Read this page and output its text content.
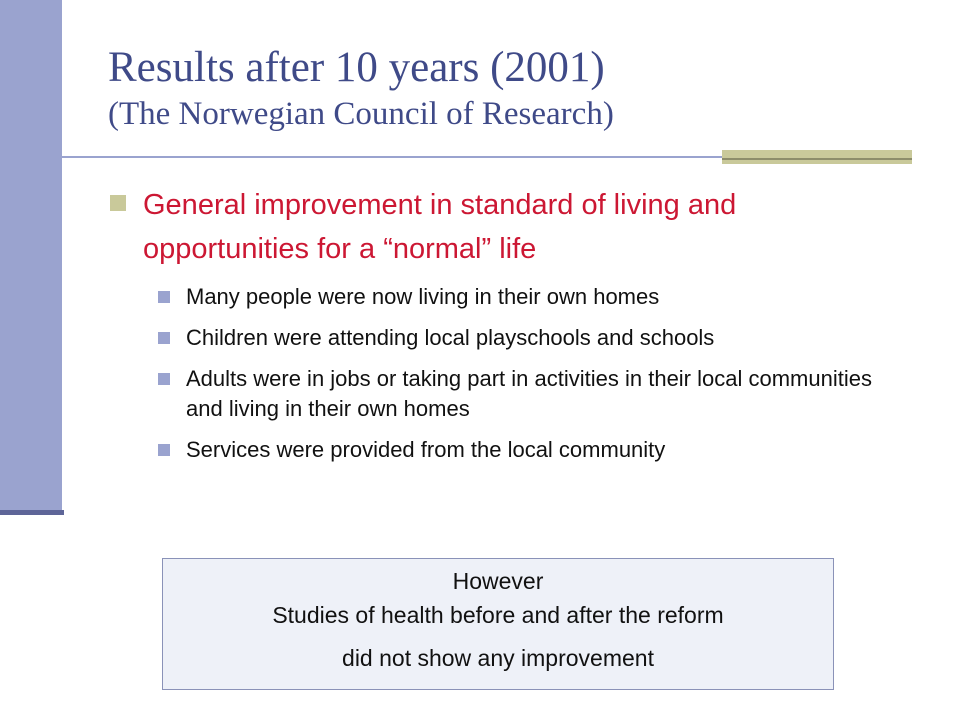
Results after 10 years (2001)
(The Norwegian Council of Research)
General improvement in standard of living and opportunities for a “normal” life
Many people were now living in their own homes
Children were attending local playschools and schools
Adults were in jobs or taking part in activities in their local communities and living in their own homes
Services were provided from the local community
However
Studies of health before and after the reform
did not show any improvement
